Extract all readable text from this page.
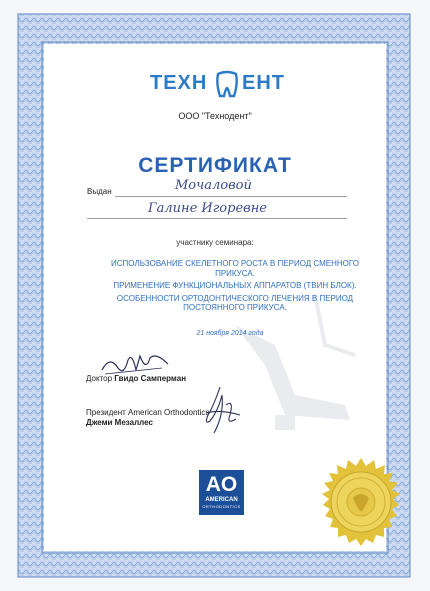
ТЕХН ЕНТ
ООО "Технодент"
СЕРТИФИКАТ
Выдан	Мочаловой
Галине Игоревне
участнику семинара:
ИСПОЛЬЗОВАНИЕ СКЕЛЕТНОГО РОСТА В ПЕРИОД СМЕННОГО ПРИКУСА.
ПРИМЕНЕНИЕ ФУНКЦИОНАЛЬНЫХ АППАРАТОВ (ТВИН БЛОК).
ОСОБЕННОСТИ ОРТОДОНТИЧЕСКОГО ЛЕЧЕНИЯ В ПЕРИОД ПОСТОЯННОГО ПРИКУСА.
21 ноября 2014 года
Доктор Гвидо Самперман
Президент American Orthodontics
Джеми Мезаллес
AO
AMERICAN
ORTHODONTICS
